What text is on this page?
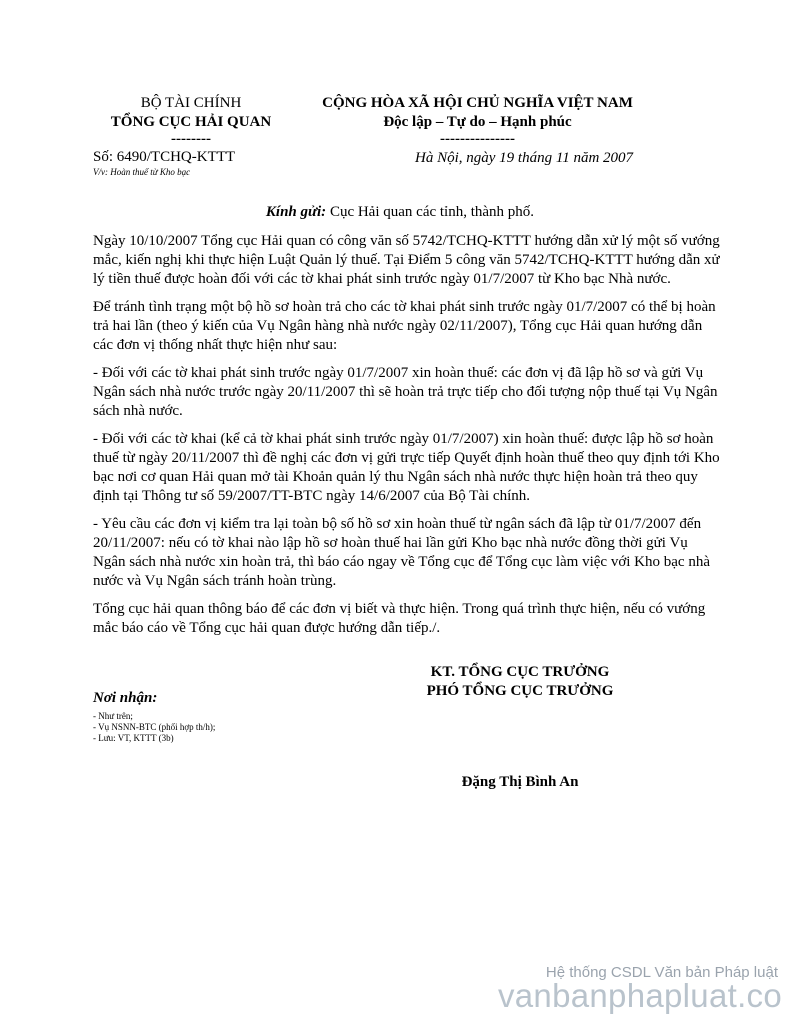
BỘ TÀI CHÍNH
TỔNG CỤC HẢI QUAN
--------
Số: 6490/TCHQ-KTTT
V/v: Hoàn thuế từ Kho bạc
CỘNG HÒA XÃ HỘI CHỦ NGHĨA VIỆT NAM
Độc lập – Tự do – Hạnh phúc
---------------
Hà Nội, ngày 19 tháng 11 năm 2007
Kính gửi: Cục Hải quan các tỉnh, thành phố.

Ngày 10/10/2007 Tổng cục Hải quan có công văn số 5742/TCHQ-KTTT hướng dẫn xử lý một số vướng mắc, kiến nghị khi thực hiện Luật Quản lý thuế. Tại Điểm 5 công văn 5742/TCHQ-KTTT hướng dẫn xử lý tiền thuế được hoàn đối với các tờ khai phát sinh trước ngày 01/7/2007 từ Kho bạc Nhà nước.

Để tránh tình trạng một bộ hồ sơ hoàn trả cho các tờ khai phát sinh trước ngày 01/7/2007 có thể bị hoàn trả hai lần (theo ý kiến của Vụ Ngân hàng nhà nước ngày 02/11/2007), Tổng cục Hải quan hướng dẫn các đơn vị thống nhất thực hiện như sau:

- Đối với các tờ khai phát sinh trước ngày 01/7/2007 xin hoàn thuế: các đơn vị đã lập hồ sơ và gửi Vụ Ngân sách nhà nước trước ngày 20/11/2007 thì sẽ hoàn trả trực tiếp cho đối tượng nộp thuế tại Vụ Ngân sách nhà nước.

- Đối với các tờ khai (kể cả tờ khai phát sinh trước ngày 01/7/2007) xin hoàn thuế: được lập hồ sơ hoàn thuế từ ngày 20/11/2007 thì đề nghị các đơn vị gửi trực tiếp Quyết định hoàn thuế theo quy định tới Kho bạc nơi cơ quan Hải quan mở tài Khoản quản lý thu Ngân sách nhà nước thực hiện hoàn trả theo quy định tại Thông tư số 59/2007/TT-BTC ngày 14/6/2007 của Bộ Tài chính.

- Yêu cầu các đơn vị kiểm tra lại toàn bộ số hồ sơ xin hoàn thuế từ ngân sách đã lập từ 01/7/2007 đến 20/11/2007: nếu có tờ khai nào lập hồ sơ hoàn thuế hai lần gửi Kho bạc nhà nước đồng thời gửi Vụ Ngân sách nhà nước xin hoàn trả, thì báo cáo ngay về Tổng cục để Tổng cục làm việc với Kho bạc nhà nước và Vụ Ngân sách tránh hoàn trùng.

Tổng cục hải quan thông báo để các đơn vị biết và thực hiện. Trong quá trình thực hiện, nếu có vướng mắc báo cáo về Tổng cục hải quan được hướng dẫn tiếp./.

KT. TỔNG CỤC TRƯỞNG
PHÓ TỔNG CỤC TRƯỞNG
Nơi nhận:
- Như trên;
- Vụ NSNN-BTC (phối hợp th/h);
- Lưu: VT, KTTT (3b)
Đặng Thị Bình An
Hệ thống CSDL Văn bản Pháp luật
vanbanphapluat.co
